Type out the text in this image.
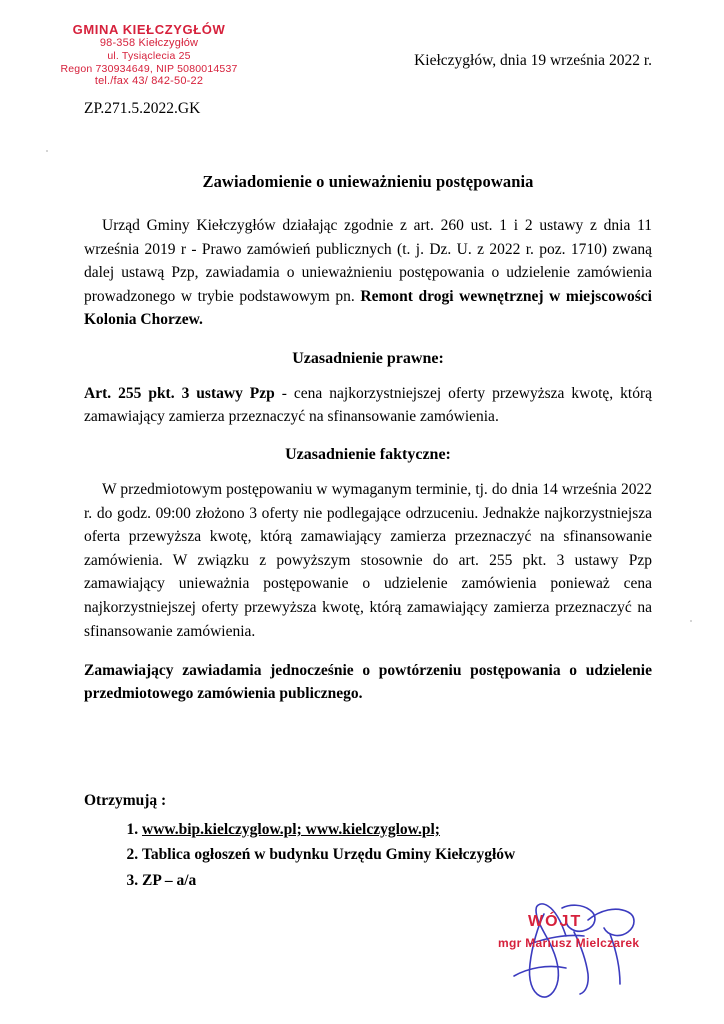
GMINA KIEŁCZYGŁÓW
98-358 Kiełczygłów
ul. Tysiąclecia 25
Regon 730934649, NIP 5080014537
tel./fax 43/ 842-50-22
Kiełczygłów, dnia 19 września 2022 r.
ZP.271.5.2022.GK
Zawiadomienie o unieważnieniu postępowania

Urząd Gminy Kiełczygłów działając zgodnie z art. 260 ust. 1 i 2 ustawy z dnia 11 września 2019 r - Prawo zamówień publicznych (t. j. Dz. U. z 2022 r. poz. 1710) zwaną dalej ustawą Pzp, zawiadamia o unieważnieniu postępowania o udzielenie zamówienia prowadzonego w trybie podstawowym pn. Remont drogi wewnętrznej w miejscowości Kolonia Chorzew.

Uzasadnienie prawne:

Art. 255 pkt. 3 ustawy Pzp - cena najkorzystniejszej oferty przewyższa kwotę, którą zamawiający zamierza przeznaczyć na sfinansowanie zamówienia.

Uzasadnienie faktyczne:

W przedmiotowym postępowaniu w wymaganym terminie, tj. do dnia 14 września 2022 r. do godz. 09:00 złożono 3 oferty nie podlegające odrzuceniu. Jednakże najkorzystniejsza oferta przewyższa kwotę, którą zamawiający zamierza przeznaczyć na sfinansowanie zamówienia. W związku z powyższym stosownie do art. 255 pkt. 3 ustawy Pzp zamawiający unieważnia postępowanie o udzielenie zamówienia ponieważ cena najkorzystniejszej oferty przewyższa kwotę, którą zamawiający zamierza przeznaczyć na sfinansowanie zamówienia.

Zamawiający zawiadamia jednocześnie o powtórzeniu postępowania o udzielenie przedmiotowego zamówienia publicznego.

Otrzymują :
1. www.bip.kielczyglow.pl; www.kielczyglow.pl;
2. Tablica ogłoszeń w budynku Urzędu Gminy Kiełczygłów
3. ZP – a/a
WÓJT
mgr Mariusz Mielczarek
